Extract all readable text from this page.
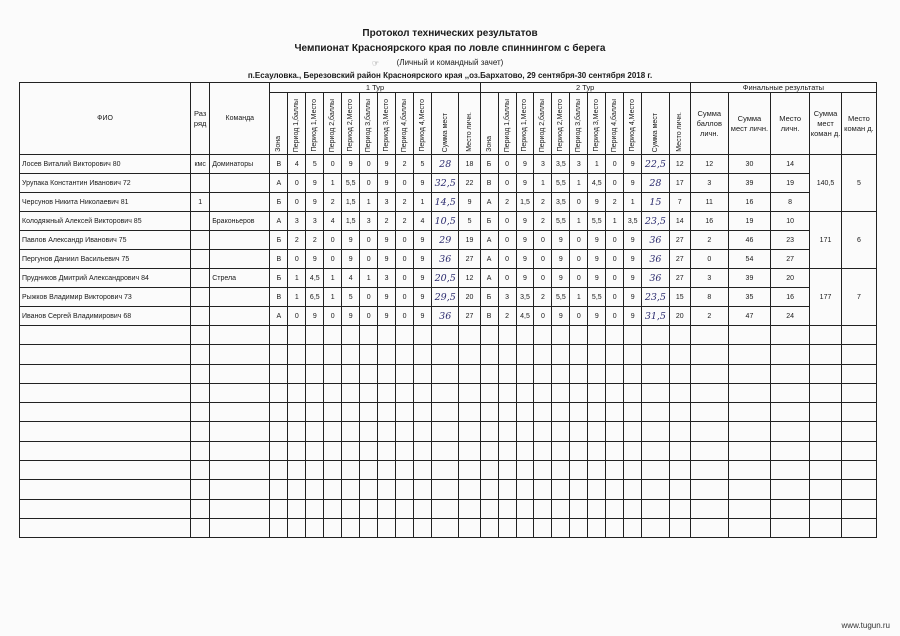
Протокол технических результатов
Чемпионат Красноярского края по ловле спиннингом с берега
(Личный и командный зачет)
☞
п.Есауловка., Березовский район Красноярского края ,,оз.Бархатово, 29 сентября-30 сентября 2018 г.
ФИО	Раз ряд	Команда	1 Тур											2 Тур											Финальные результаты				
			Зона	Период 1,баллы	Период 1,Место	Период 2,баллы	Период 2,Место	Период 3,баллы	Период 3,Место	Период 4,баллы	Период 4,Место	Сумма мест	Место личн.	Зона	Период 1,баллы	Период 1,Место	Период 2,баллы	Период 2,Место	Период 3,баллы	Период 3,Место	Период 4,баллы	Период 4,Место	Сумма мест	Место личн.	Сумма баллов личн.	Сумма мест личн.	Место личн.	Сумма мест коман д.	Место коман д.
Лосев Виталий Викторович 80	кмс	Доминаторы	В	4	5	0	9	0	9	2	5	28	18	Б	0	9	3	3,5	3	1	0	9	22,5	12	12	30	14	140,5	5
Урупака Константин Иванович 72			А	0	9	1	5,5	0	9	0	9	32,5	22	В	0	9	1	5,5	1	4,5	0	9	28	17	3	39	19		
Черсунов Никита Николаевич 81	1		Б	0	9	2	1,5	1	3	2	1	14,5	9	А	2	1,5	2	3,5	0	9	2	1	15	7	11	16	8		
Колодяжный Алексей Викторович 85		Браконьеров	А	3	3	4	1,5	3	2	2	4	10,5	5	Б	0	9	2	5,5	1	5,5	1	3,5	23,5	14	16	19	10	171	6
Павлов Александр Иванович 75			Б	2	2	0	9	0	9	0	9	29	19	А	0	9	0	9	0	9	0	9	36	27	2	46	23		
Пергунов Даниил Васильевич 75			В	0	9	0	9	0	9	0	9	36	27	А	0	9	0	9	0	9	0	9	36	27	0	54	27		
Прудников Дмитрий Александрович 84		Стрела	Б	1	4,5	1	4	1	3	0	9	20,5	12	А	0	9	0	9	0	9	0	9	36	27	3	39	20	177	7
Рыжков Владимир Викторович 73			В	1	6,5	1	5	0	9	0	9	29,5	20	Б	3	3,5	2	5,5	1	5,5	0	9	23,5	15	8	35	16		
Иванов Сергей Владимирович 68			А	0	9	0	9	0	9	0	9	36	27	В	2	4,5	0	9	0	9	0	9	31,5	20	2	47	24		

www.tugun.ru
